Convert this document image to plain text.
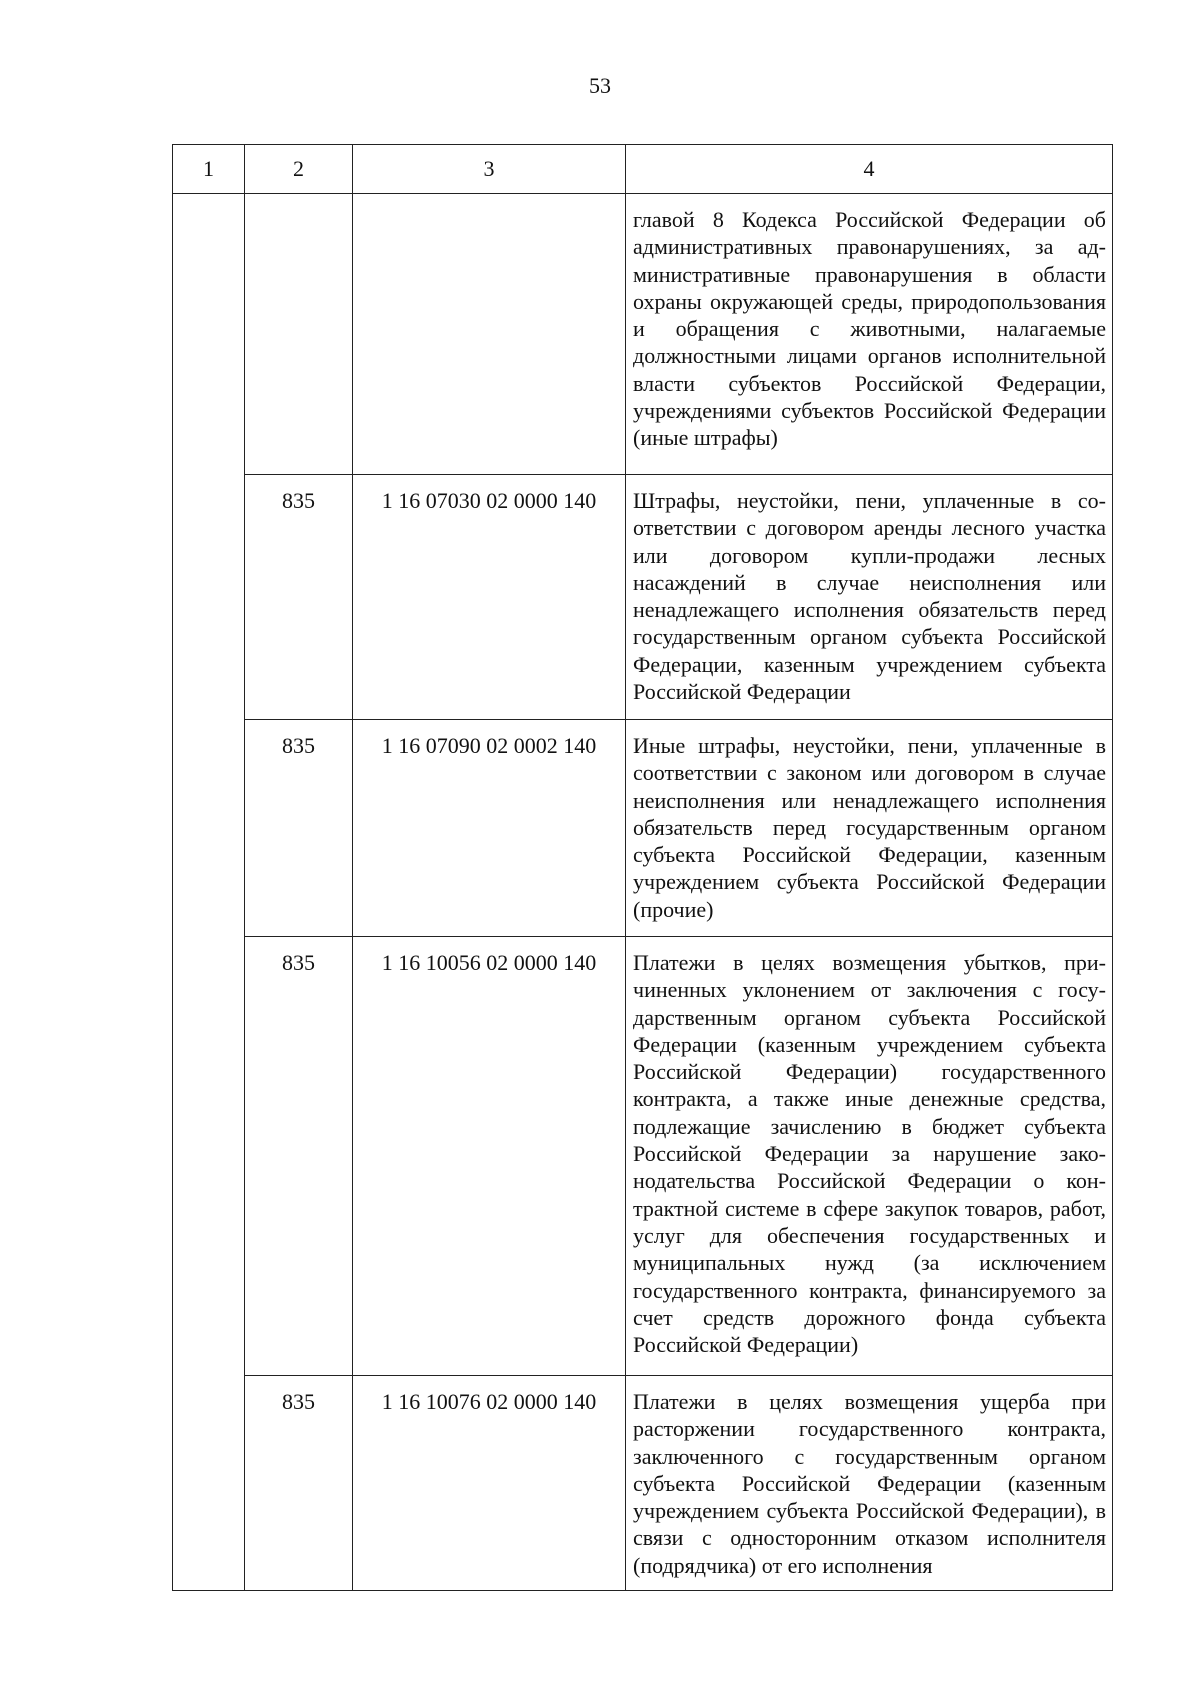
53
1	2	3	4

			главой 8 Кодекса Российской Федерации об административных правонарушениях, за административные правонарушения в области охраны окружающей среды, природопользования и обращения с животными, налагаемые должностными лицами органов исполнительной власти субъектов Российской Федерации, учреждениями субъектов Российской Федерации (иные штрафы)

	835	1 16 07030 02 0000 140	Штрафы, неустойки, пени, уплаченные в соответствии с договором аренды лесного участка или договором купли-продажи лесных насаждений в случае неисполнения или ненадлежащего исполнения обязательств перед государственным органом субъекта Российской Федерации, казенным учреждением субъекта Российской Федерации

	835	1 16 07090 02 0002 140	Иные штрафы, неустойки, пени, уплаченные в соответствии с законом или договором в случае неисполнения или ненадлежащего исполнения обязательств перед государственным органом субъекта Российской Федерации, казенным учреждением субъекта Российской Федерации (прочие)

	835	1 16 10056 02 0000 140	Платежи в целях возмещения убытков, причиненных уклонением от заключения с государственным органом субъекта Российской Федерации (казенным учреждением субъекта Российской Федерации) государственного контракта, а также иные денежные средства, подлежащие зачислению в бюджет субъекта Российской Федерации за нарушение законодательства Российской Федерации о контрактной системе в сфере закупок товаров, работ, услуг для обеспечения государственных и муниципальных нужд (за исключением государственного контракта, финансируемого за счет средств дорожного фонда субъекта Российской Федерации)

	835	1 16 10076 02 0000 140	Платежи в целях возмещения ущерба при расторжении государственного контракта, заключенного с государственным органом субъекта Российской Федерации (казенным учреждением субъекта Российской Федерации), в связи с односторонним отказом исполнителя (подрядчика) от его исполнения
